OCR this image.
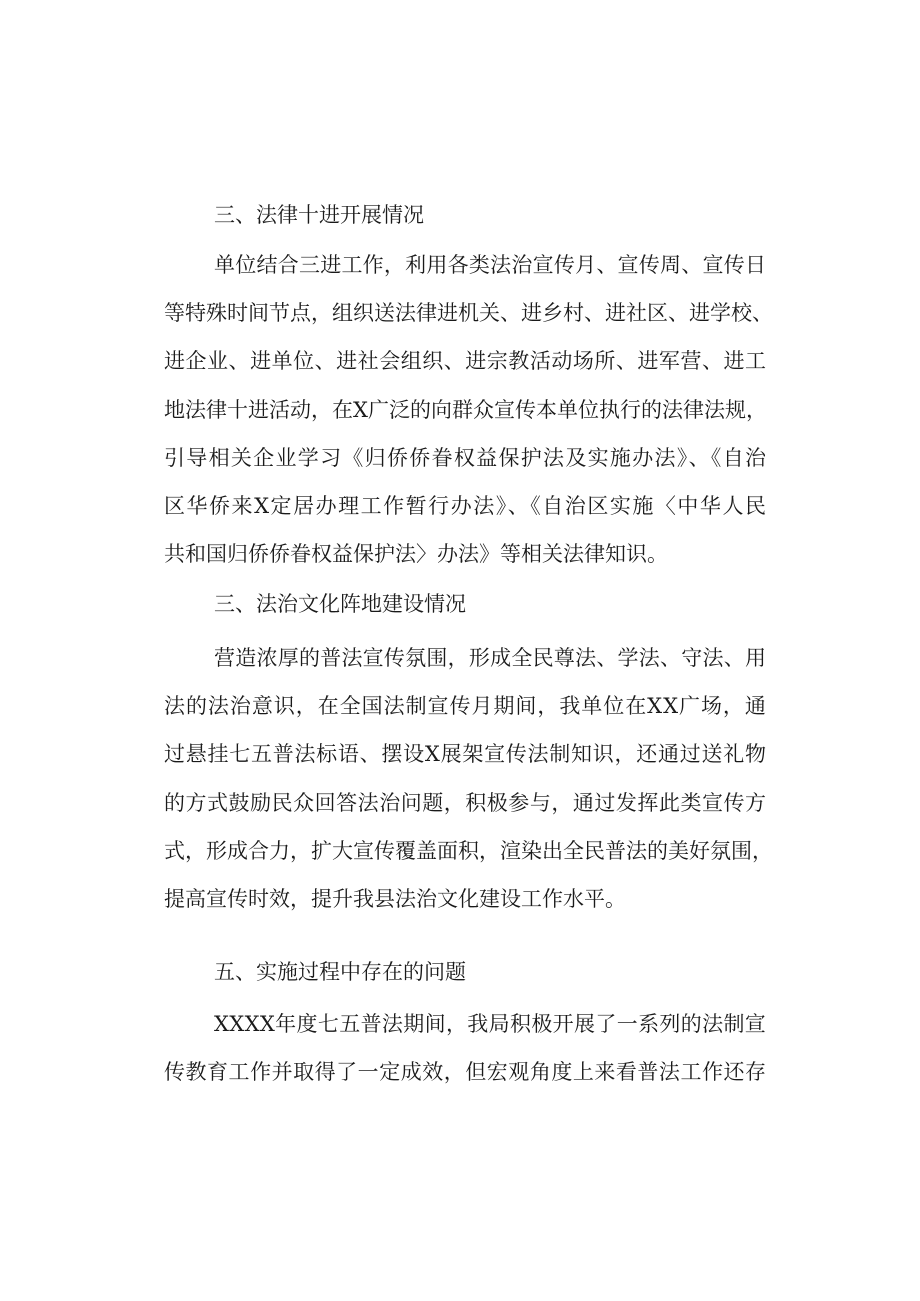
三、法律十进开展情况

单位结合三进工作，利用各类法治宣传月、宣传周、宣传日

等特殊时间节点，组织送法律进机关、进乡村、进社区、进学校、

进企业、进单位、进社会组织、进宗教活动场所、进军营、进工

地法律十进活动，在X广泛的向群众宣传本单位执行的法律法规，

引导相关企业学习《归侨侨眷权益保护法及实施办法》、《自治

区华侨来X定居办理工作暂行办法》、《自治区实施〈中华人民

共和国归侨侨眷权益保护法〉办法》等相关法律知识。

三、法治文化阵地建设情况

营造浓厚的普法宣传氛围，形成全民尊法、学法、守法、用

法的法治意识，在全国法制宣传月期间，我单位在XX广场，通

过悬挂七五普法标语、摆设X展架宣传法制知识，还通过送礼物

的方式鼓励民众回答法治问题，积极参与，通过发挥此类宣传方

式，形成合力，扩大宣传覆盖面积，渲染出全民普法的美好氛围，

提高宣传时效，提升我县法治文化建设工作水平。

五、实施过程中存在的问题

XXXX年度七五普法期间，我局积极开展了一系列的法制宣

传教育工作并取得了一定成效，但宏观角度上来看普法工作还存
